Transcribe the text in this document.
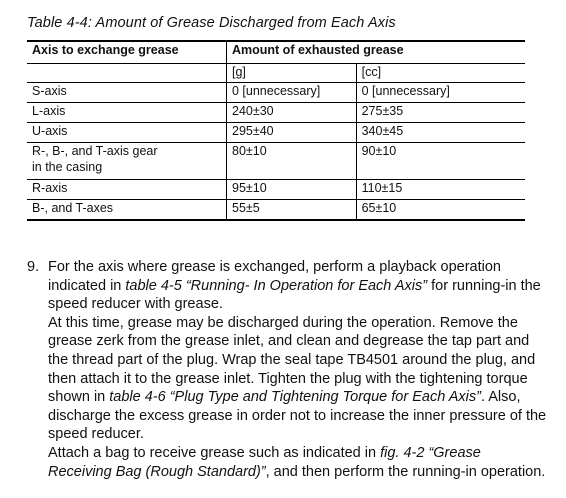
Table 4-4: Amount of Grease Discharged from Each Axis
Axis to exchange grease	Amount of exhausted grease	
	[g]	[cc]
S-axis	0 [unnecessary]	0 [unnecessary]
L-axis	240±30	275±35
U-axis	295±40	340±45
R-, B-, and T-axis gear
in the casing	80±10	90±10
R-axis	95±10	110±15
B-, and T-axes	55±5	65±10
9. For the axis where grease is exchanged, perform a playback operation indicated in table 4-5 “Running- In Operation for Each Axis” for running-in the speed reducer with grease.

At this time, grease may be discharged during the operation. Remove the grease zerk from the grease inlet, and clean and degrease the tap part and the thread part of the plug. Wrap the seal tape TB4501 around the plug, and then attach it to the grease inlet. Tighten the plug with the tightening torque shown in table 4-6 “Plug Type and Tightening Torque for Each Axis”. Also, discharge the excess grease in order not to increase the inner pressure of the speed reducer.

Attach a bag to receive grease such as indicated in fig. 4-2 “Grease Receiving Bag (Rough Standard)”, and then perform the running-in operation.
